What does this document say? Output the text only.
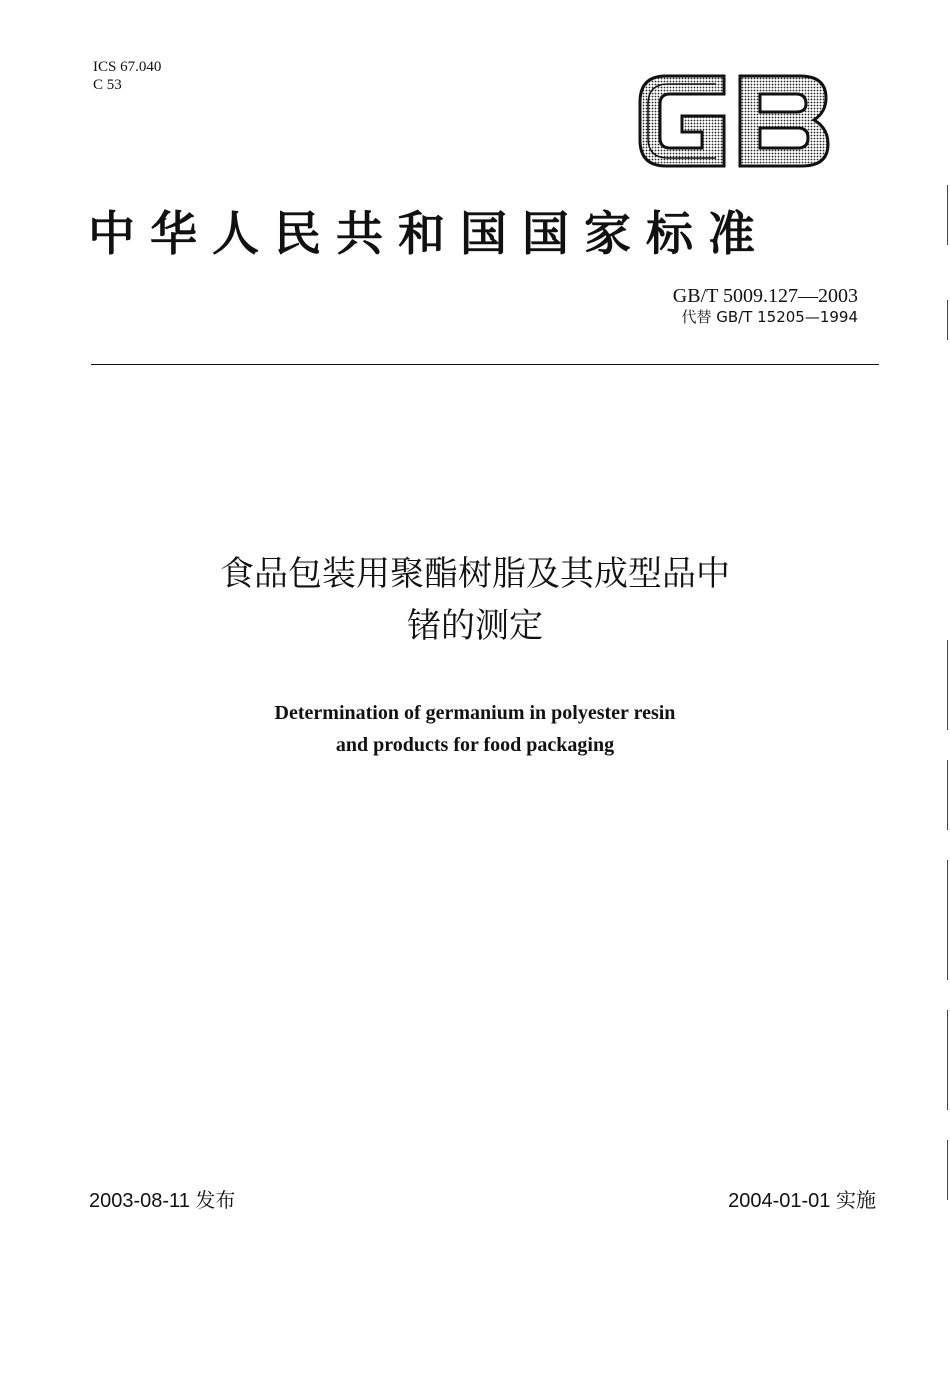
ICS 67.040
C 53
中华人民共和国国家标准
GB/T 5009.127—2003
代替 GB/T 15205—1994
食品包装用聚酯树脂及其成型品中
锗的测定
Determination of germanium in polyester resin
and products for food packaging
2003-08-11 发布	2004-01-01 实施
